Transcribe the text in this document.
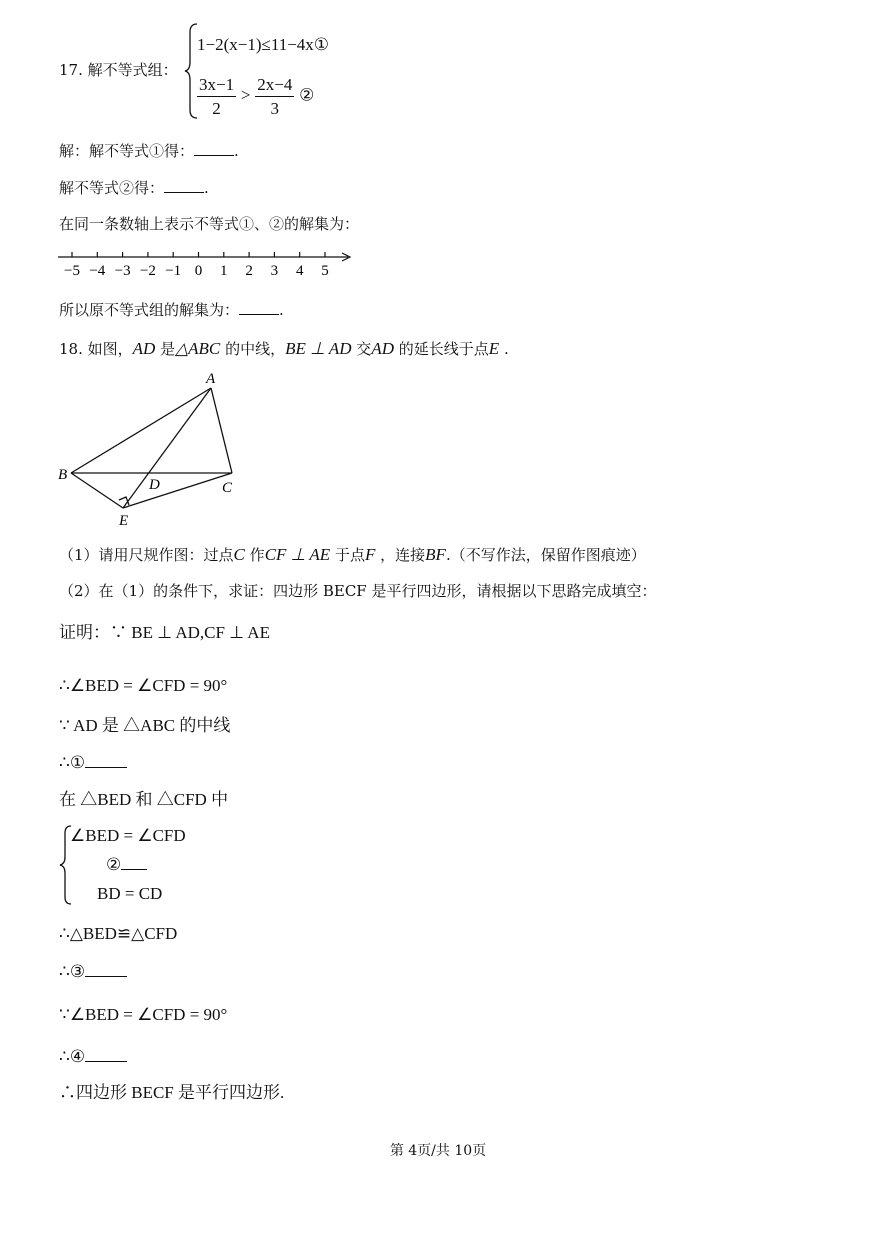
17. 解不等式组：
1−2(x−1)≤11−4x①
$\frac{3x-1}{2} > \frac{2x-4}{3}$ ②
解：解不等式①得：	.
解不等式②得：	.
在同一条数轴上表示不等式①、②的解集为：
−5 −4 −3 −2 −1 0 1 2 3 4 5
所以原不等式组的解集为：	.
18. 如图，AD 是△ABC 的中线，BE ⊥ AD 交AD 的延长线于点E .
A
B
C
D
E
（1）请用尺规作图：过点C 作CF ⊥ AE 于点F ，连接BF.（不写作法，保留作图痕迹）
（2）在（1）的条件下，求证：四边形 BECF 是平行四边形，请根据以下思路完成填空：
证明：∵ BE ⊥ AD,CF ⊥ AE
∴∠BED = ∠CFD = 90°
∵ AD 是 △ABC 的中线
∴①
在 △BED 和 △CFD 中
∠BED = ∠CFD
②
BD = CD
∴△BED≌△CFD
∴③
∵∠BED = ∠CFD = 90°
∴④
∴四边形 BECF 是平行四边形.
第 4页/共 10页
